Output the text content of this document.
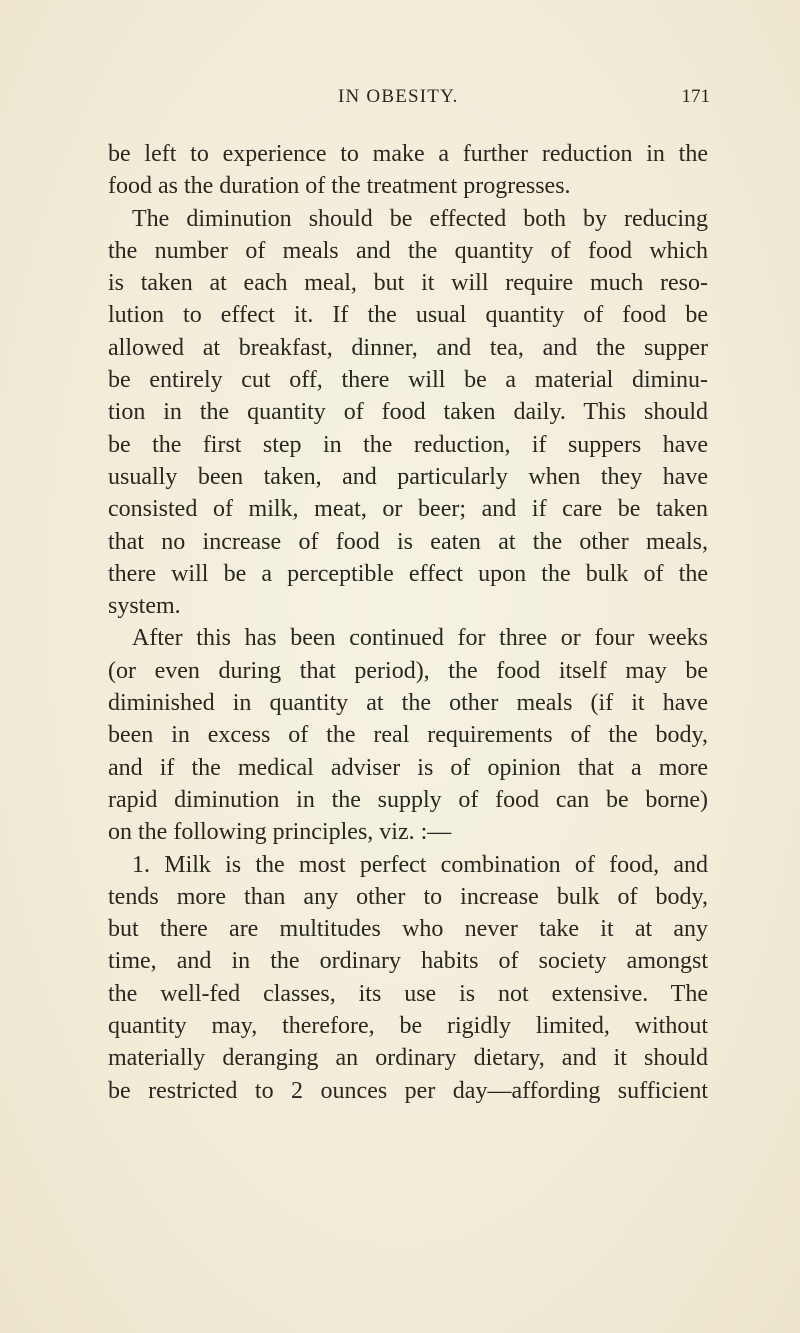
IN OBESITY.	171
be left to experience to make a further reduction in the
food as the duration of the treatment progresses.
The diminution should be effected both by reducing
the number of meals and the quantity of food which
is taken at each meal, but it will require much reso-
lution to effect it. If the usual quantity of food be
allowed at breakfast, dinner, and tea, and the supper
be entirely cut off, there will be a material diminu-
tion in the quantity of food taken daily. This should
be the first step in the reduction, if suppers have
usually been taken, and particularly when they have
consisted of milk, meat, or beer; and if care be taken
that no increase of food is eaten at the other meals,
there will be a perceptible effect upon the bulk of the
system.
After this has been continued for three or four weeks
(or even during that period), the food itself may be
diminished in quantity at the other meals (if it have
been in excess of the real requirements of the body,
and if the medical adviser is of opinion that a more
rapid diminution in the supply of food can be borne)
on the following principles, viz. :—
1. Milk is the most perfect combination of food, and
tends more than any other to increase bulk of body,
but there are multitudes who never take it at any
time, and in the ordinary habits of society amongst
the well-fed classes, its use is not extensive. The
quantity may, therefore, be rigidly limited, without
materially deranging an ordinary dietary, and it should
be restricted to 2 ounces per day—affording sufficient
